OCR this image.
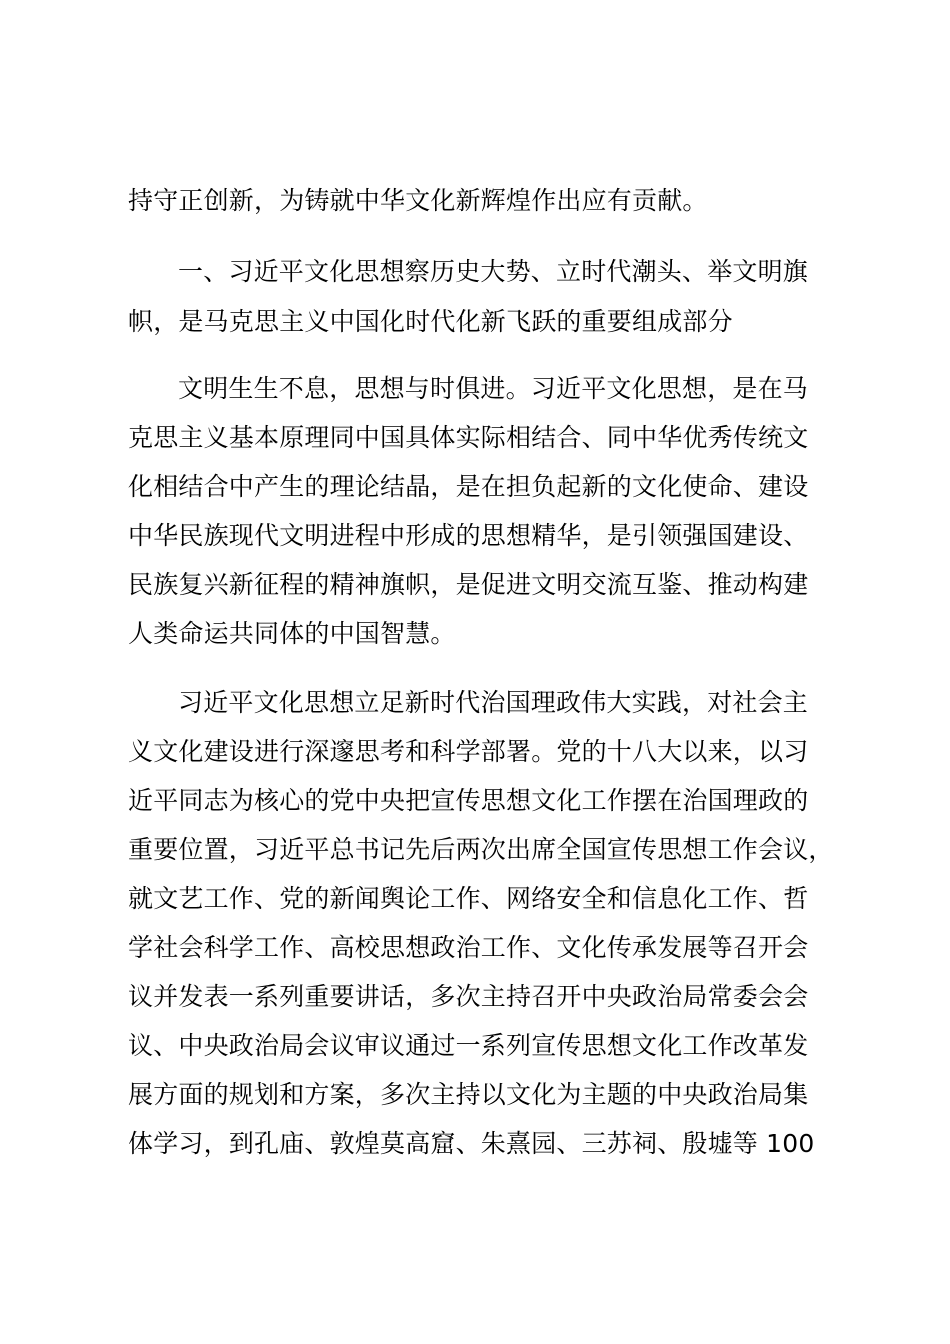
持守正创新，为铸就中华文化新辉煌作出应有贡献。
一、习近平文化思想察历史大势、立时代潮头、举文明旗
帜，是马克思主义中国化时代化新飞跃的重要组成部分
文明生生不息，思想与时俱进。习近平文化思想，是在马
克思主义基本原理同中国具体实际相结合、同中华优秀传统文
化相结合中产生的理论结晶，是在担负起新的文化使命、建设
中华民族现代文明进程中形成的思想精华，是引领强国建设、
民族复兴新征程的精神旗帜，是促进文明交流互鉴、推动构建
人类命运共同体的中国智慧。
习近平文化思想立足新时代治国理政伟大实践，对社会主
义文化建设进行深邃思考和科学部署。党的十八大以来，以习
近平同志为核心的党中央把宣传思想文化工作摆在治国理政的
重要位置，习近平总书记先后两次出席全国宣传思想工作会议，
就文艺工作、党的新闻舆论工作、网络安全和信息化工作、哲
学社会科学工作、高校思想政治工作、文化传承发展等召开会
议并发表一系列重要讲话，多次主持召开中央政治局常委会会
议、中央政治局会议审议通过一系列宣传思想文化工作改革发
展方面的规划和方案，多次主持以文化为主题的中央政治局集
体学习，到孔庙、敦煌莫高窟、朱熹园、三苏祠、殷墟等 100
